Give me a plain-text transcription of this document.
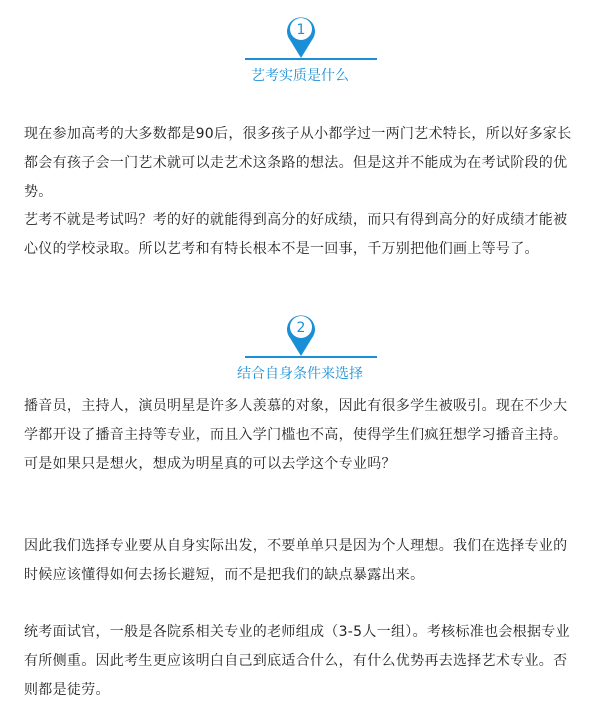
1
艺考实质是什么

现在参加高考的大多数都是90后，很多孩子从小都学过一两门艺术特长，所以好多家长都会有孩子会一门艺术就可以走艺术这条路的想法。但是这并不能成为在考试阶段的优势。

艺考不就是考试吗？考的好的就能得到高分的好成绩，而只有得到高分的好成绩才能被心仪的学校录取。所以艺考和有特长根本不是一回事，千万别把他们画上等号了。

2
结合自身条件来选择

播音员，主持人，演员明星是许多人羡慕的对象，因此有很多学生被吸引。现在不少大学都开设了播音主持等专业，而且入学门槛也不高，使得学生们疯狂想学习播音主持。可是如果只是想火，想成为明星真的可以去学这个专业吗？

因此我们选择专业要从自身实际出发，不要单单只是因为个人理想。我们在选择专业的时候应该懂得如何去扬长避短，而不是把我们的缺点暴露出来。

统考面试官，一般是各院系相关专业的老师组成（3-5人一组）。考核标准也会根据专业有所侧重。因此考生更应该明白自己到底适合什么，有什么优势再去选择艺术专业。否则都是徒劳。
